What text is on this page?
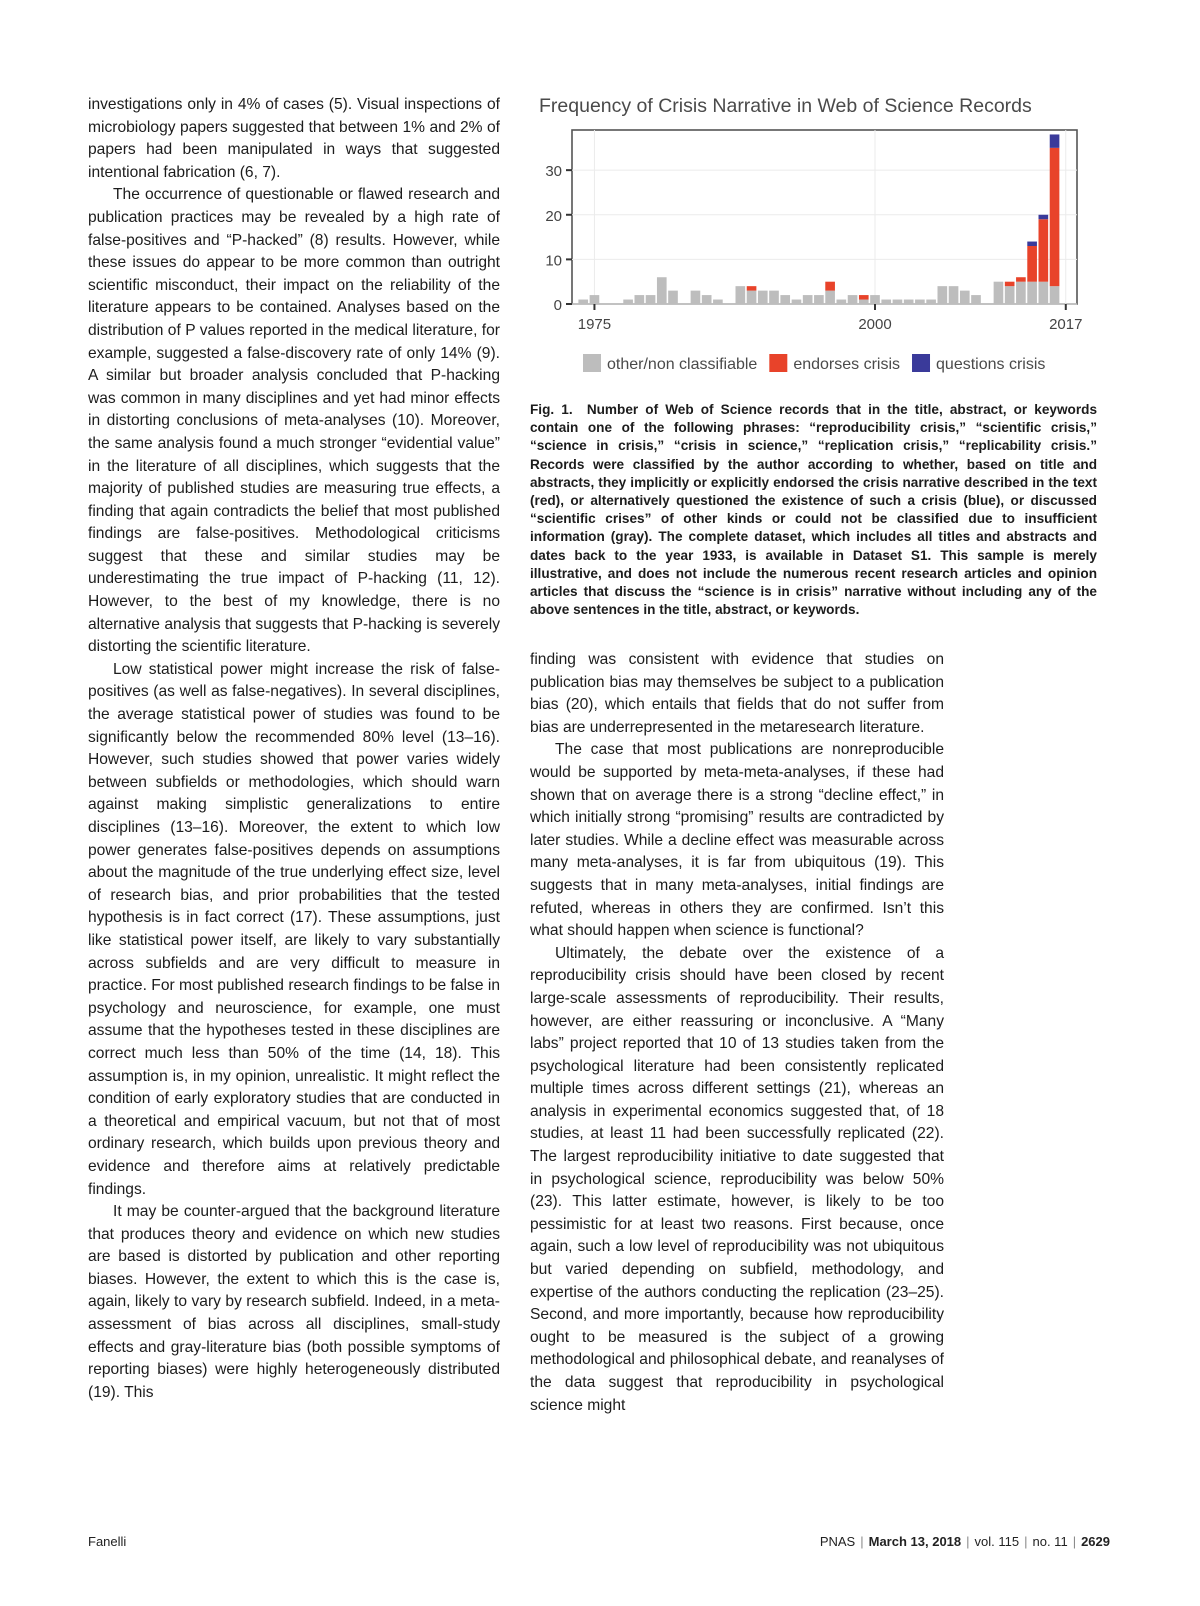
investigations only in 4% of cases (5). Visual inspections of microbiology papers suggested that between 1% and 2% of papers had been manipulated in ways that suggested intentional fabrication (6, 7).

The occurrence of questionable or flawed research and publication practices may be revealed by a high rate of false-positives and “P-hacked” (8) results. However, while these issues do appear to be more common than outright scientific misconduct, their impact on the reliability of the literature appears to be contained. Analyses based on the distribution of P values reported in the medical literature, for example, suggested a false-discovery rate of only 14% (9). A similar but broader analysis concluded that P-hacking was common in many disciplines and yet had minor effects in distorting conclusions of meta-analyses (10). Moreover, the same analysis found a much stronger “evidential value” in the literature of all disciplines, which suggests that the majority of published studies are measuring true effects, a finding that again contradicts the belief that most published findings are false-positives. Methodological criticisms suggest that these and similar studies may be underestimating the true impact of P-hacking (11, 12). However, to the best of my knowledge, there is no alternative analysis that suggests that P-hacking is severely distorting the scientific literature.

Low statistical power might increase the risk of false-positives (as well as false-negatives). In several disciplines, the average statistical power of studies was found to be significantly below the recommended 80% level (13–16). However, such studies showed that power varies widely between subfields or methodologies, which should warn against making simplistic generalizations to entire disciplines (13–16). Moreover, the extent to which low power generates false-positives depends on assumptions about the magnitude of the true underlying effect size, level of research bias, and prior probabilities that the tested hypothesis is in fact correct (17). These assumptions, just like statistical power itself, are likely to vary substantially across subfields and are very difficult to measure in practice. For most published research findings to be false in psychology and neuroscience, for example, one must assume that the hypotheses tested in these disciplines are correct much less than 50% of the time (14, 18). This assumption is, in my opinion, unrealistic. It might reflect the condition of early exploratory studies that are conducted in a theoretical and empirical vacuum, but not that of most ordinary research, which builds upon previous theory and evidence and therefore aims at relatively predictable findings.

It may be counter-argued that the background literature that produces theory and evidence on which new studies are based is distorted by publication and other reporting biases. However, the extent to which this is the case is, again, likely to vary by research subfield. Indeed, in a meta-assessment of bias across all disciplines, small-study effects and gray-literature bias (both possible symptoms of reporting biases) were highly heterogeneously distributed (19). This

Frequency of Crisis Narrative in Web of Science Records
0
10
20
30
1975	2000	2017
other/non classifiable endorses crisis questions crisis
Fig. 1. Number of Web of Science records that in the title, abstract, or keywords contain one of the following phrases: “reproducibility crisis,” “scientific crisis,” “science in crisis,” “crisis in science,” “replication crisis,” “replicability crisis.” Records were classified by the author according to whether, based on title and abstracts, they implicitly or explicitly endorsed the crisis narrative described in the text (red), or alternatively questioned the existence of such a crisis (blue), or discussed “scientific crises” of other kinds or could not be classified due to insufficient information (gray). The complete dataset, which includes all titles and abstracts and dates back to the year 1933, is available in Dataset S1. This sample is merely illustrative, and does not include the numerous recent research articles and opinion articles that discuss the “science is in crisis” narrative without including any of the above sentences in the title, abstract, or keywords.

finding was consistent with evidence that studies on publication bias may themselves be subject to a publication bias (20), which entails that fields that do not suffer from bias are underrepresented in the metaresearch literature.

The case that most publications are nonreproducible would be supported by meta-meta-analyses, if these had shown that on average there is a strong “decline effect,” in which initially strong “promising” results are contradicted by later studies. While a decline effect was measurable across many meta-analyses, it is far from ubiquitous (19). This suggests that in many meta-analyses, initial findings are refuted, whereas in others they are confirmed. Isn’t this what should happen when science is functional?

Ultimately, the debate over the existence of a reproducibility crisis should have been closed by recent large-scale assessments of reproducibility. Their results, however, are either reassuring or inconclusive. A “Many labs” project reported that 10 of 13 studies taken from the psychological literature had been consistently replicated multiple times across different settings (21), whereas an analysis in experimental economics suggested that, of 18 studies, at least 11 had been successfully replicated (22). The largest reproducibility initiative to date suggested that in psychological science, reproducibility was below 50% (23). This latter estimate, however, is likely to be too pessimistic for at least two reasons. First because, once again, such a low level of reproducibility was not ubiquitous but varied depending on subfield, methodology, and expertise of the authors conducting the replication (23–25). Second, and more importantly, because how reproducibility ought to be measured is the subject of a growing methodological and philosophical debate, and reanalyses of the data suggest that reproducibility in psychological science might

Fanelli	PNAS | March 13, 2018 | vol. 115 | no. 11 | 2629
